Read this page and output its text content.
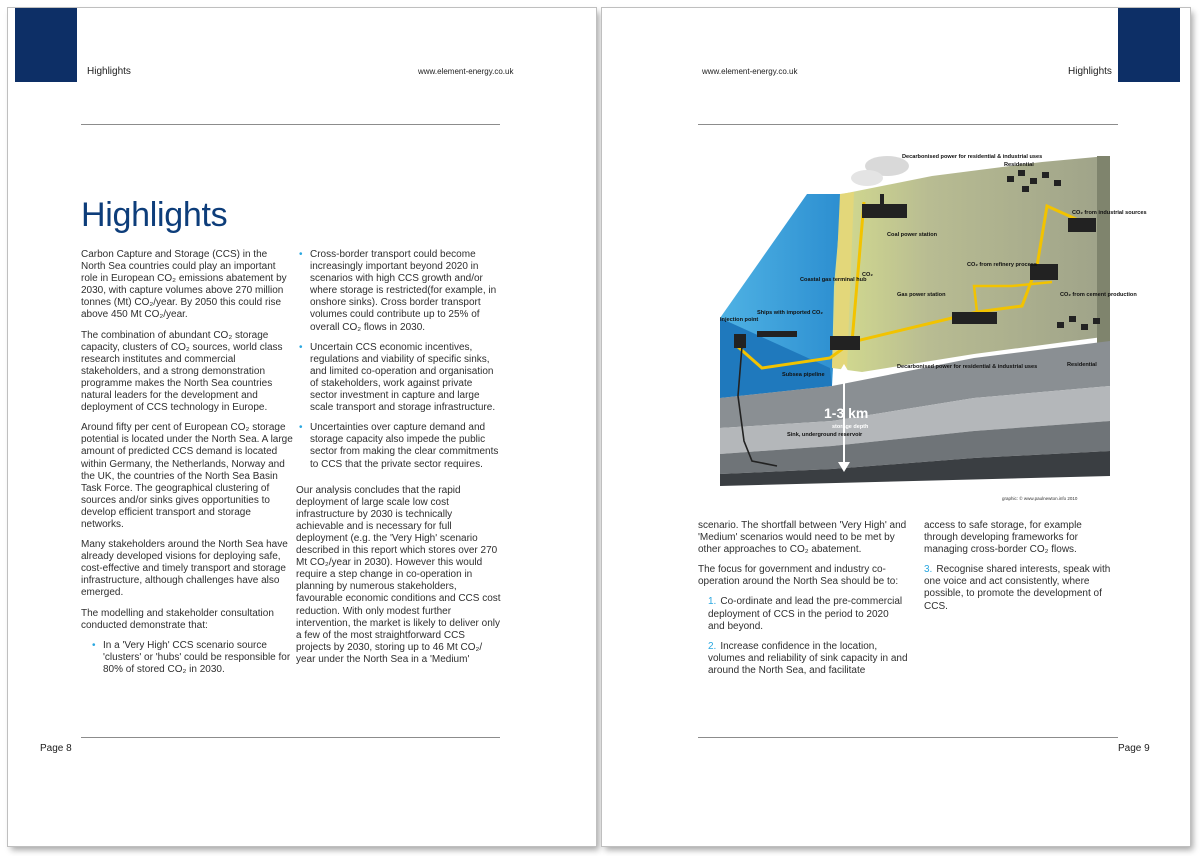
Highlights	www.element-energy.co.uk
Highlights

Carbon Capture and Storage (CCS) in the North Sea countries could play an important role in European CO₂ emissions abatement by 2030, with capture volumes above 270 million tonnes (Mt) CO₂/year. By 2050 this could rise above 450 Mt CO₂/year.

The combination of abundant CO₂ storage capacity, clusters of CO₂ sources, world class research institutes and commercial stakeholders, and a strong demonstration programme makes the North Sea countries natural leaders for the development and deployment of CCS technology in Europe.

Around fifty per cent of European CO₂ storage potential is located under the North Sea. A large amount of predicted CCS demand is located within Germany, the Netherlands, Norway and the UK, the countries of the North Sea Basin Task Force. The geographical clustering of sources and/or sinks gives opportunities to develop efficient transport and storage networks.

Many stakeholders around the North Sea have already developed visions for deploying safe, cost-effective and timely transport and storage infrastructure, although challenges have also emerged.

The modelling and stakeholder consultation conducted demonstrate that:

• In a 'Very High' CCS scenario source 'clusters' or 'hubs' could be responsible for 80% of stored CO₂ in 2030.

• Cross-border transport could become increasingly important beyond 2020 in scenarios with high CCS growth and/or where storage is restricted(for example, in onshore sinks). Cross border transport volumes could contribute up to 25% of overall CO₂ flows in 2030.

• Uncertain CCS economic incentives, regulations and viability of specific sinks, and limited co-operation and organisation of stakeholders, work against private sector investment in capture and large scale transport and storage infrastructure.

• Uncertainties over capture demand and storage capacity also impede the public sector from making the clear commitments to CCS that the private sector requires.

Our analysis concludes that the rapid deployment of large scale low cost infrastructure by 2030 is technically achievable and is necessary for full deployment (e.g. the 'Very High' scenario described in this report which stores over 270 Mt CO₂/year in 2030). However this would require a step change in co-operation in planning by numerous stakeholders, favourable economic conditions and CCS cost reduction. With only modest further intervention, the market is likely to deliver only a few of the most straightforward CCS projects by 2030, storing up to 46 Mt CO₂/ year under the North Sea in a 'Medium'

Page 8
www.element-energy.co.uk	Highlights
Decarbonised power for residential & industrial uses
Residential
CO₂ from industrial sources
Coal power station
Coastal gas terminal hub
CO₂ from refinery process
Gas power station
Ships with imported CO₂
Injection point
CO₂ from cement production
Residential
Decarbonised power for residential & industrial uses
Subsea pipeline
1-3 km
storage depth
Sink, underground reservoir
CO₂
graphic: © www.paulnewton.info 2010

scenario. The shortfall between 'Very High' and 'Medium' scenarios would need to be met by other approaches to CO₂ abatement.

The focus for government and industry co-operation around the North Sea should be to:

1. Co-ordinate and lead the pre-commercial deployment of CCS in the period to 2020 and beyond.

2. Increase confidence in the location, volumes and reliability of sink capacity in and around the North Sea, and facilitate

access to safe storage, for example through developing frameworks for managing cross-border CO₂ flows.

3. Recognise shared interests, speak with one voice and act consistently, where possible, to promote the development of CCS.

Page 9
